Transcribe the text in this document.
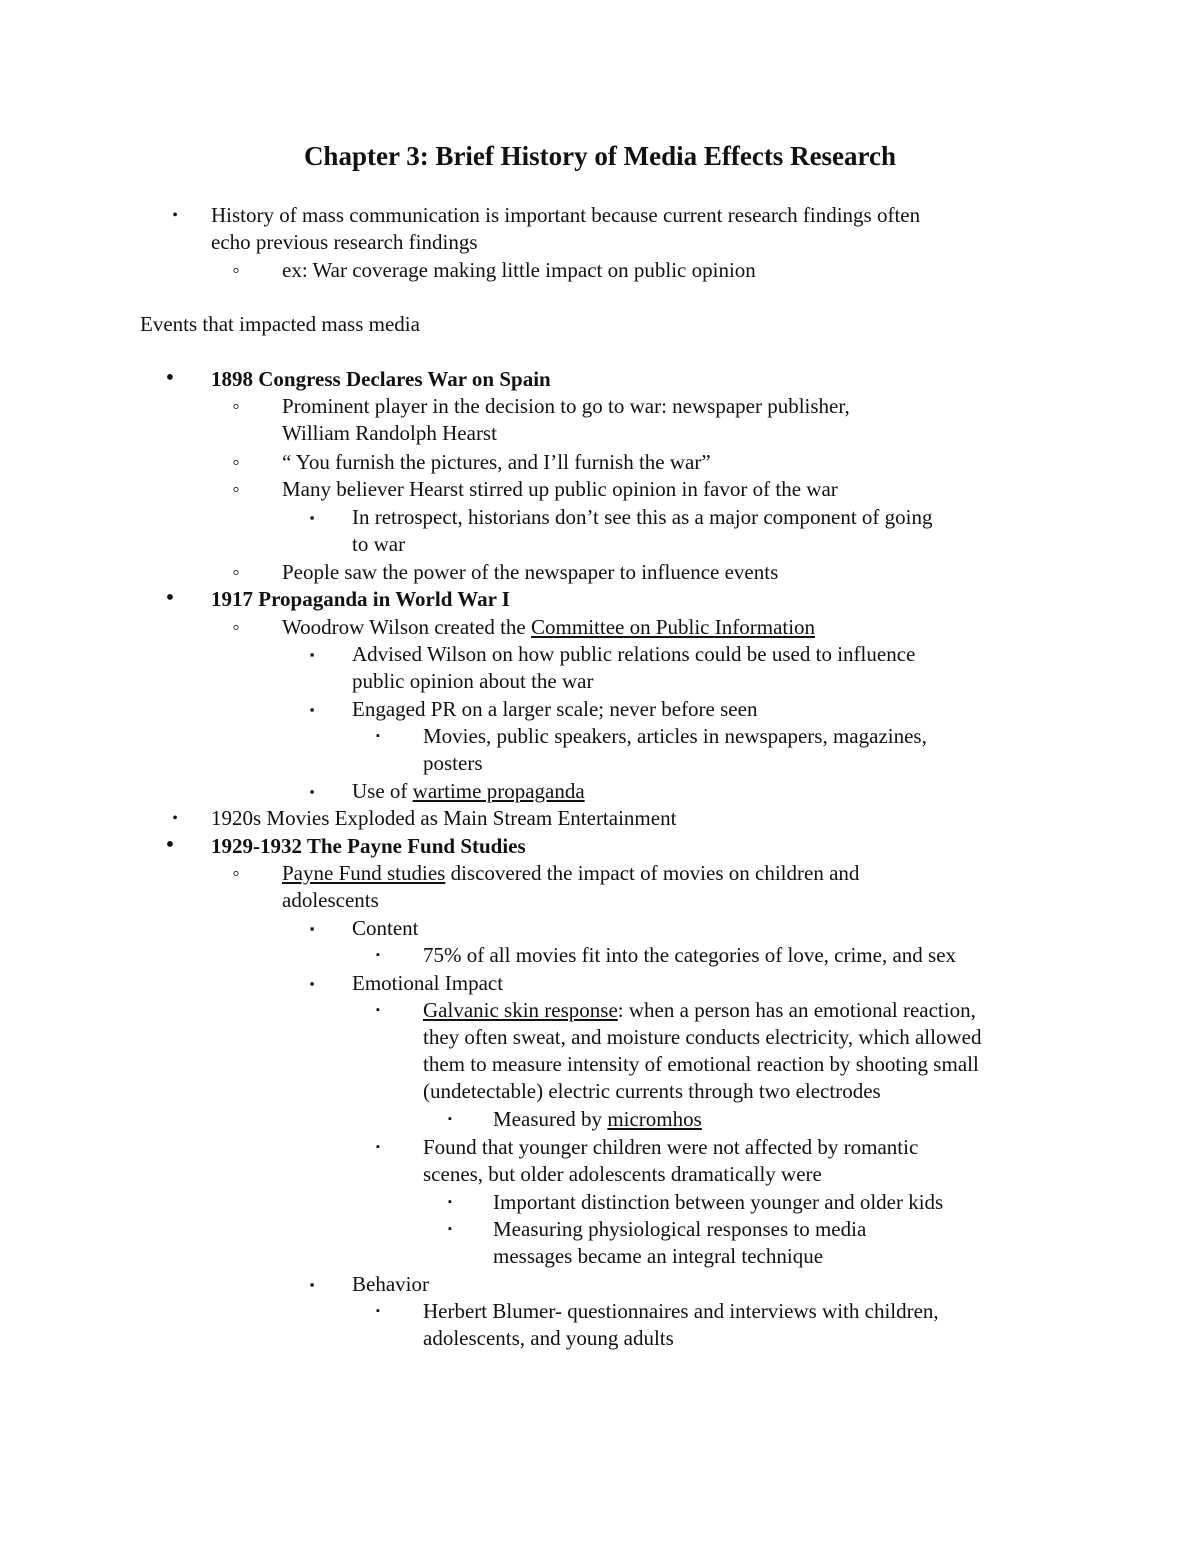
Chapter 3: Brief History of Media Effects Research
•	History of mass communication is important because current research findings often
echo previous research findings
◦ ex: War coverage making little impact on public opinion
Events that impacted mass media
• 1898 Congress Declares War on Spain
◦ Prominent player in the decision to go to war: newspaper publisher,
William Randolph Hearst
◦ “ You furnish the pictures, and I’ll furnish the war”
◦ Many believer Hearst stirred up public opinion in favor of the war
▪	In retrospect, historians don’t see this as a major component of going
to war
◦ People saw the power of the newspaper to influence events
• 1917 Propaganda in World War I
◦ Woodrow Wilson created the Committee on Public Information
▪	Advised Wilson on how public relations could be used to influence
public opinion about the war
▪	Engaged PR on a larger scale; never before seen
▪	Movies, public speakers, articles in newspapers, magazines,
posters
▪	Use of wartime propaganda
•	1920s Movies Exploded as Main Stream Entertainment
• 1929-1932 The Payne Fund Studies
◦ Payne Fund studies discovered the impact of movies on children and
adolescents
▪	Content
▪	75% of all movies fit into the categories of love, crime, and sex
▪	Emotional Impact
▪	Galvanic skin response: when a person has an emotional reaction,
they often sweat, and moisture conducts electricity, which allowed
them to measure intensity of emotional reaction by shooting small
(undetectable) electric currents through two electrodes
▪	Measured by micromhos
▪	Found that younger children were not affected by romantic
scenes, but older adolescents dramatically were
▪	Important distinction between younger and older kids
▪	Measuring physiological responses to media
messages became an integral technique
▪	Behavior
▪	Herbert Blumer- questionnaires and interviews with children,
adolescents, and young adults
